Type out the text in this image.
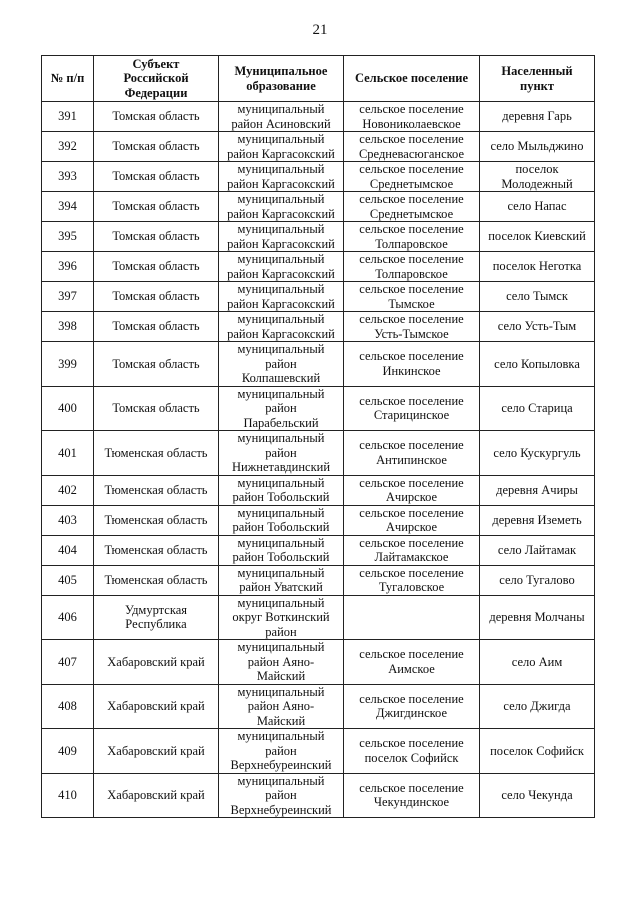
21
№ п/п	Субъект
Российской
Федерации	Муниципальное
образование	Сельское поселение	Населенный
пункт
391	Томская область	муниципальный
район Асиновский	сельское поселение
Новониколаевское	деревня Гарь
392	Томская область	муниципальный
район Каргасокский	сельское поселение
Средневасюганское	село Мыльджино
393	Томская область	муниципальный
район Каргасокский	сельское поселение
Среднетымское	поселок
Молодежный
394	Томская область	муниципальный
район Каргасокский	сельское поселение
Среднетымское	село Напас
395	Томская область	муниципальный
район Каргасокский	сельское поселение
Толпаровское	поселок Киевский
396	Томская область	муниципальный
район Каргасокский	сельское поселение
Толпаровское	поселок Неготка
397	Томская область	муниципальный
район Каргасокский	сельское поселение
Тымское	село Тымск
398	Томская область	муниципальный
район Каргасокский	сельское поселение
Усть-Тымское	село Усть-Тым
399	Томская область	муниципальный
район
Колпашевский	сельское поселение
Инкинское	село Копыловка
400	Томская область	муниципальный
район
Парабельский	сельское поселение
Старицинское	село Старица
401	Тюменская область	муниципальный
район
Нижнетавдинский	сельское поселение
Антипинское	село Кускургуль
402	Тюменская область	муниципальный
район Тобольский	сельское поселение
Ачирское	деревня Ачиры
403	Тюменская область	муниципальный
район Тобольский	сельское поселение
Ачирское	деревня Иземеть
404	Тюменская область	муниципальный
район Тобольский	сельское поселение
Лайтамакское	село Лайтамак
405	Тюменская область	муниципальный
район Уватский	сельское поселение
Тугаловское	село Тугалово
406	Удмуртская
Республика	муниципальный
округ Воткинский
район		деревня Молчаны
407	Хабаровский край	муниципальный
район Аяно-
Майский	сельское поселение
Аимское	село Аим
408	Хабаровский край	муниципальный
район Аяно-
Майский	сельское поселение
Джигдинское	село Джигда
409	Хабаровский край	муниципальный
район
Верхнебуреинский	сельское поселение
поселок Софийск	поселок Софийск
410	Хабаровский край	муниципальный
район
Верхнебуреинский	сельское поселение
Чекундинское	село Чекунда
